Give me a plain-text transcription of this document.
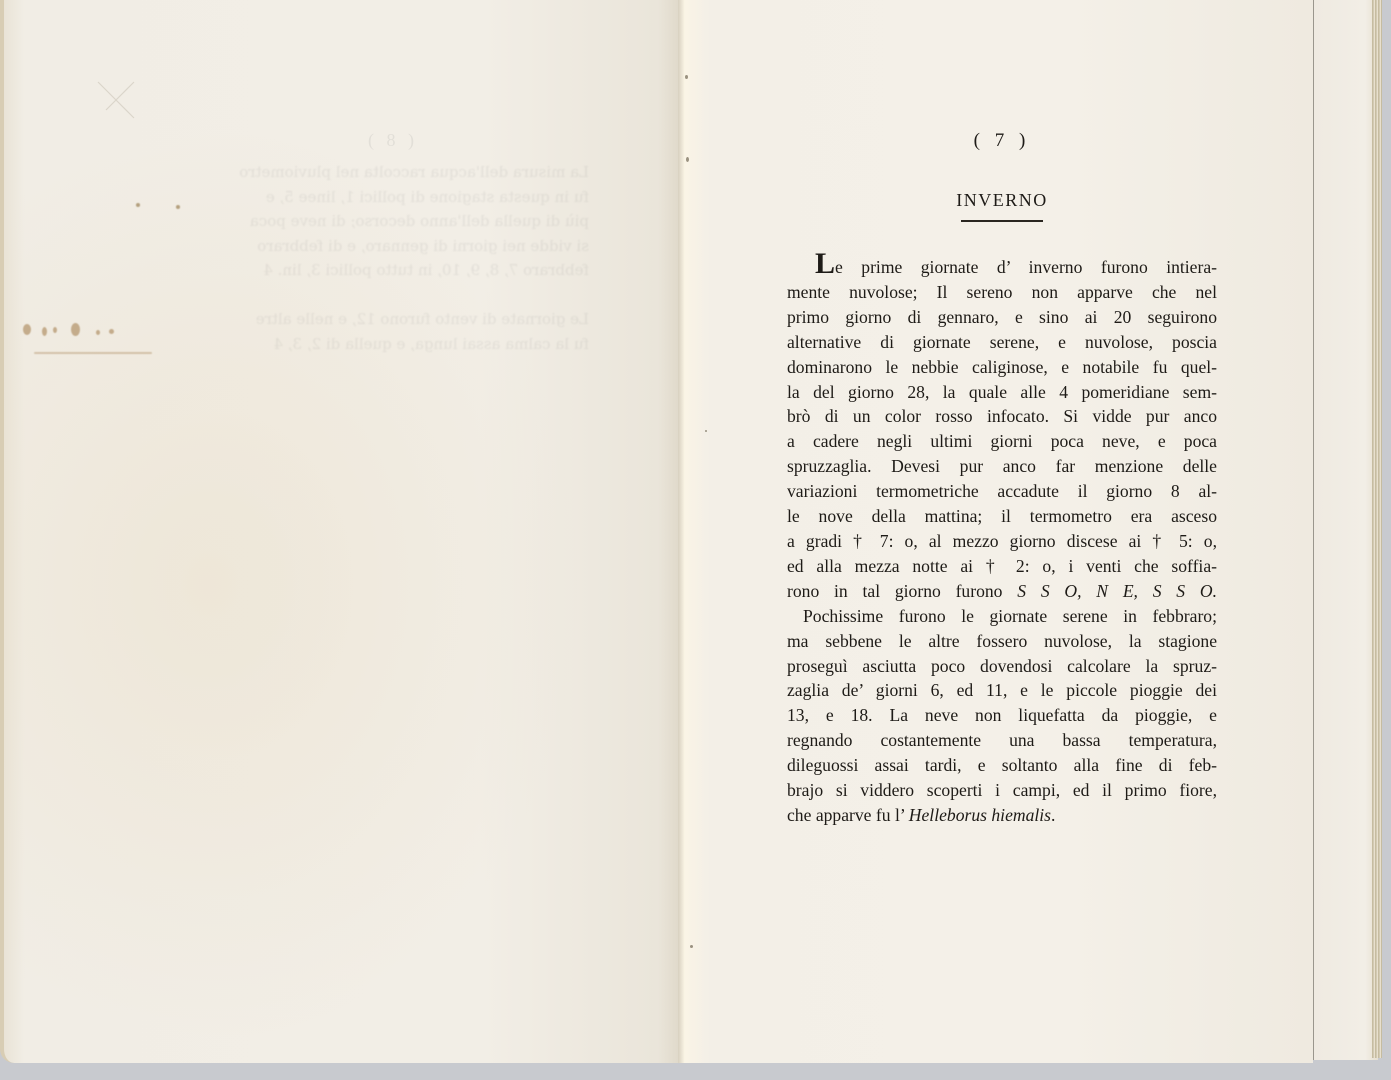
( 8 )
La misura dell'acqua raccolta nel pluviometro
fu in questa stagione di pollici 1, linee 5, e
più di quella dell'anno decorso; di neve poca
si vidde nei giorni di gennaro, e di febbraro
febbraro 7, 8, 9, 10, in tutto pollici 3, lin. 4

Le giornate di vento furono 12, e nelle altre
fu la calma assai lunga, e quella di 2, 3, 4
( 7 )
INVERNO
Le prime giornate d’ inverno furono intiera-
mente nuvolose; Il sereno non apparve che nel
primo giorno di gennaro, e sino ai 20 seguirono
alternative di giornate serene, e nuvolose, poscia
dominarono le nebbie caliginose, e notabile fu quel-
la del giorno 28, la quale alle 4 pomeridiane sem-
brò di un color rosso infocato. Si vidde pur anco
a cadere negli ultimi giorni poca neve, e poca
spruzzaglia. Devesi pur anco far menzione delle
variazioni termometriche accadute il giorno 8 al-
le nove della mattina; il termometro era asceso
a gradi † 7: o, al mezzo giorno discese ai † 5: o,
ed alla mezza notte ai † 2: o, i venti che soffia-
rono in tal giorno furono S S O, N E, S S O.
Pochissime furono le giornate serene in febbraro;
ma sebbene le altre fossero nuvolose, la stagione
proseguì asciutta poco dovendosi calcolare la spruz-
zaglia de’ giorni 6, ed 11, e le piccole pioggie dei
13, e 18. La neve non liquefatta da pioggie, e
regnando costantemente una bassa temperatura,
dileguossi assai tardi, e soltanto alla fine di feb-
brajo si viddero scoperti i campi, ed il primo fiore,
che apparve fu l’ Helleborus hiemalis.
